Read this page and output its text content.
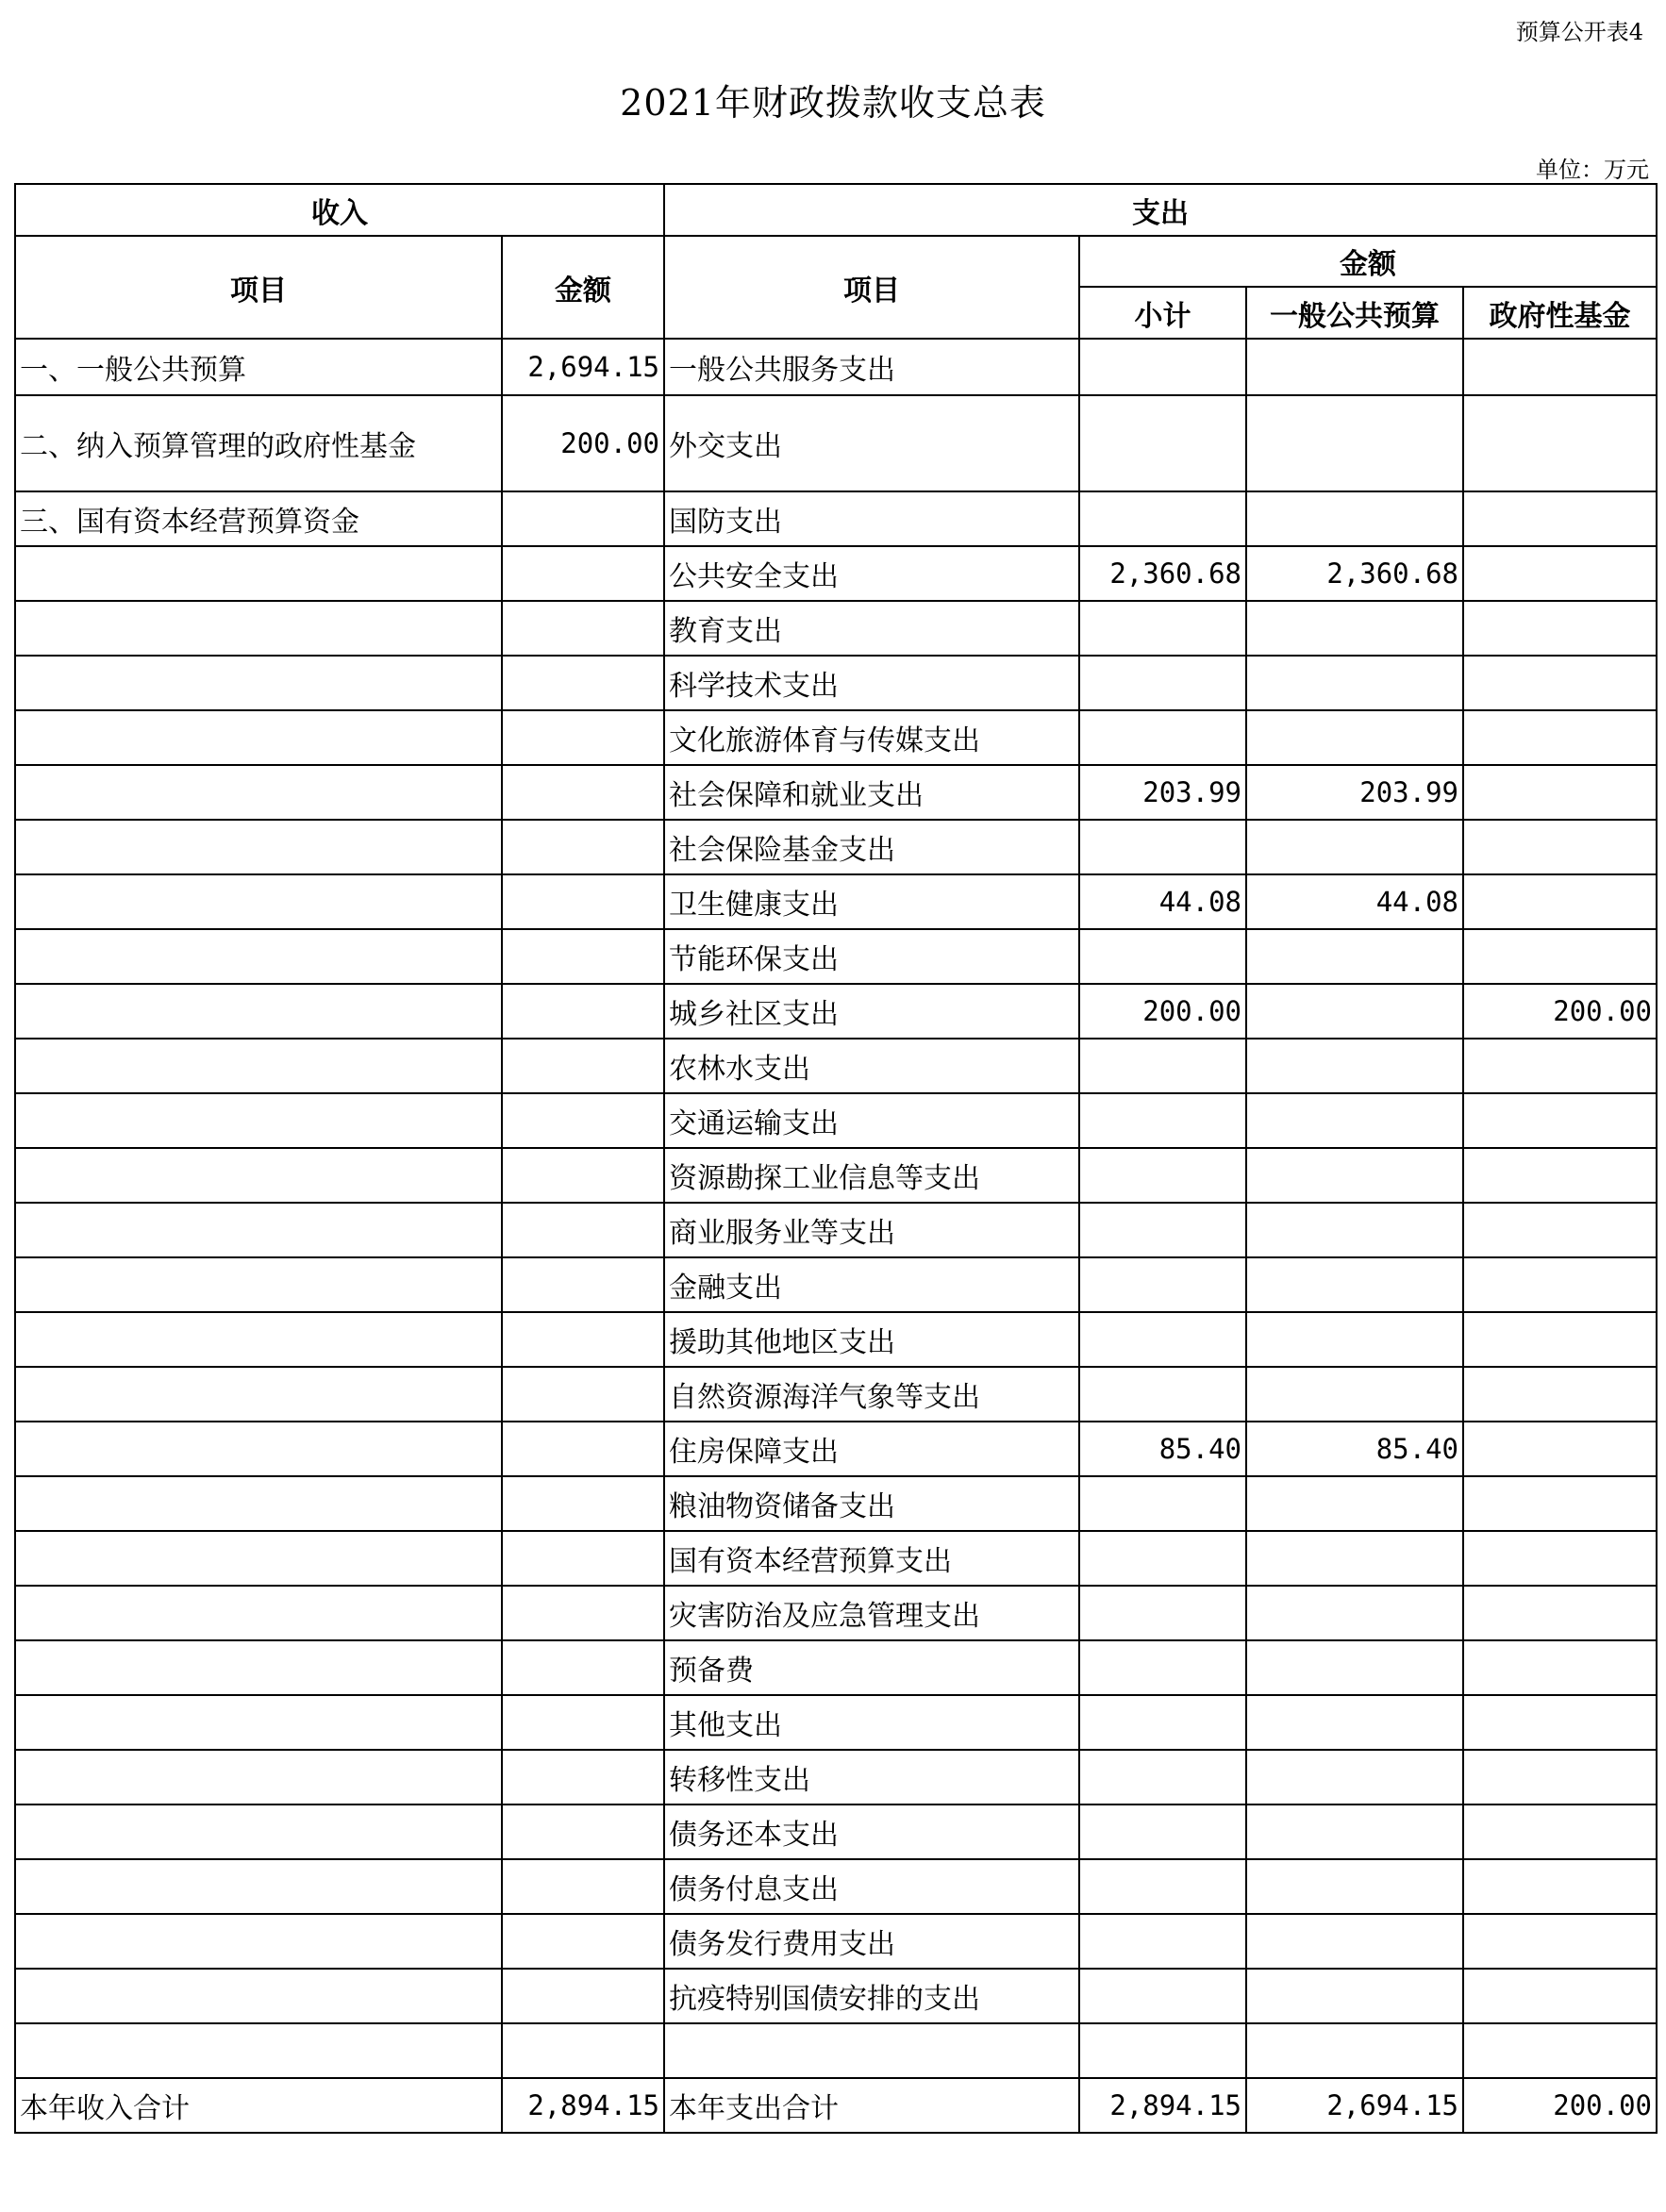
预算公开表4
2021年财政拨款收支总表
单位：万元
收入		支出			
项目	金额	项目	金额		
			小计	一般公共预算	政府性基金
一、一般公共预算	2,694.15	一般公共服务支出			
二、纳入预算管理的政府性基金	200.00	外交支出			
三、国有资本经营预算资金		国防支出			
		公共安全支出	2,360.68	2,360.68	
		教育支出			
		科学技术支出			
		文化旅游体育与传媒支出			
		社会保障和就业支出	203.99	203.99	
		社会保险基金支出			
		卫生健康支出	44.08	44.08	
		节能环保支出			
		城乡社区支出	200.00		200.00
		农林水支出			
		交通运输支出			
		资源勘探工业信息等支出			
		商业服务业等支出			
		金融支出			
		援助其他地区支出			
		自然资源海洋气象等支出			
		住房保障支出	85.40	85.40	
		粮油物资储备支出			
		国有资本经营预算支出			
		灾害防治及应急管理支出			
		预备费			
		其他支出			
		转移性支出			
		债务还本支出			
		债务付息支出			
		债务发行费用支出			
		抗疫特别国债安排的支出			

本年收入合计	2,894.15	本年支出合计	2,894.15	2,694.15	200.00
